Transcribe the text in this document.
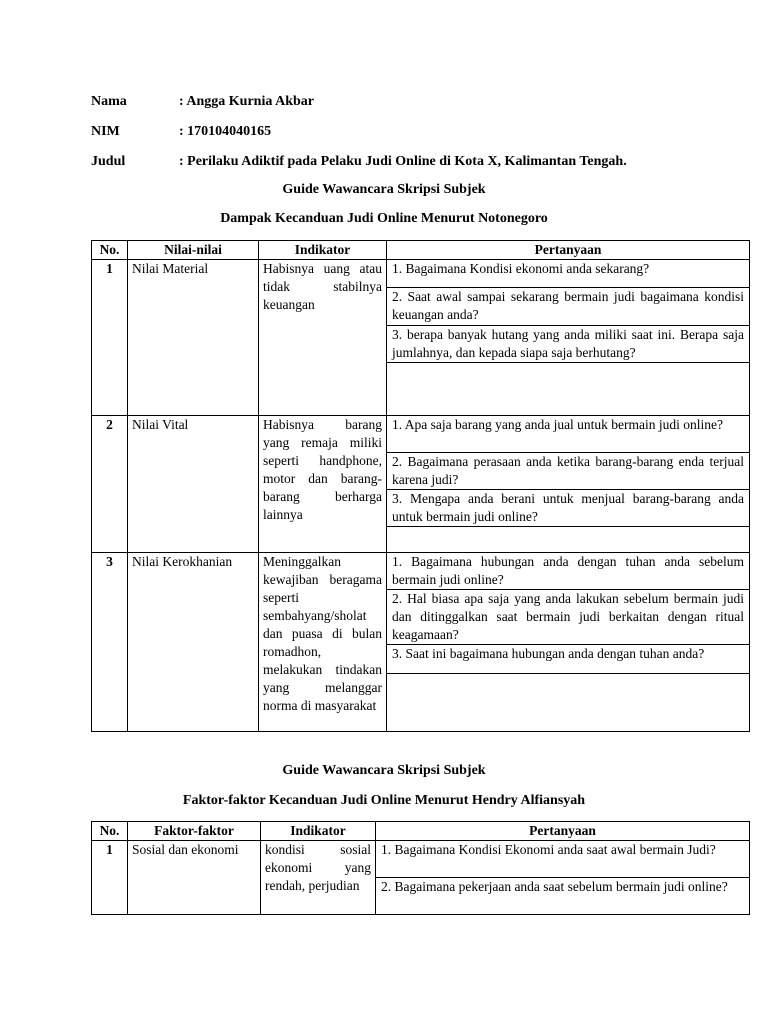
Nama	: Angga Kurnia Akbar
NIM	: 170104040165
Judul	: Perilaku Adiktif pada Pelaku Judi Online di Kota X, Kalimantan Tengah.
Guide Wawancara Skripsi Subjek
Dampak Kecanduan Judi Online Menurut Notonegoro
No.	Nilai-nilai	Indikator	Pertanyaan
1	Nilai Material	Habisnya uang atau tidak stabilnya keuangan	1. Bagaimana Kondisi ekonomi anda sekarang?
2. Saat awal sampai sekarang bermain judi bagaimana kondisi keuangan anda?
3. berapa banyak hutang yang anda miliki saat ini. Berapa saja jumlahnya, dan kepada siapa saja berhutang?

2	Nilai Vital	Habisnya barang yang remaja miliki seperti handphone, motor dan barang-barang berharga lainnya	1. Apa saja barang yang anda jual untuk bermain judi online?
2. Bagaimana perasaan anda ketika barang-barang enda terjual karena judi?
3. Mengapa anda berani untuk menjual barang-barang anda untuk bermain judi online?

3	Nilai Kerokhanian	Meninggalkan kewajiban beragama seperti sembahyang/sholat dan puasa di bulan romadhon, melakukan tindakan yang melanggar norma di masyarakat	1. Bagaimana hubungan anda dengan tuhan anda sebelum bermain judi online?
2. Hal biasa apa saja yang anda lakukan sebelum bermain judi dan ditinggalkan saat bermain judi berkaitan dengan ritual keagamaan?
3. Saat ini bagaimana hubungan anda dengan tuhan anda?
Guide Wawancara Skripsi Subjek
Faktor-faktor Kecanduan Judi Online Menurut Hendry Alfiansyah
No.	Faktor-faktor	Indikator	Pertanyaan
1	Sosial dan ekonomi	kondisi sosial ekonomi yang rendah, perjudian	1. Bagaimana Kondisi Ekonomi anda saat awal bermain Judi?
2. Bagaimana pekerjaan anda saat sebelum bermain judi online?
